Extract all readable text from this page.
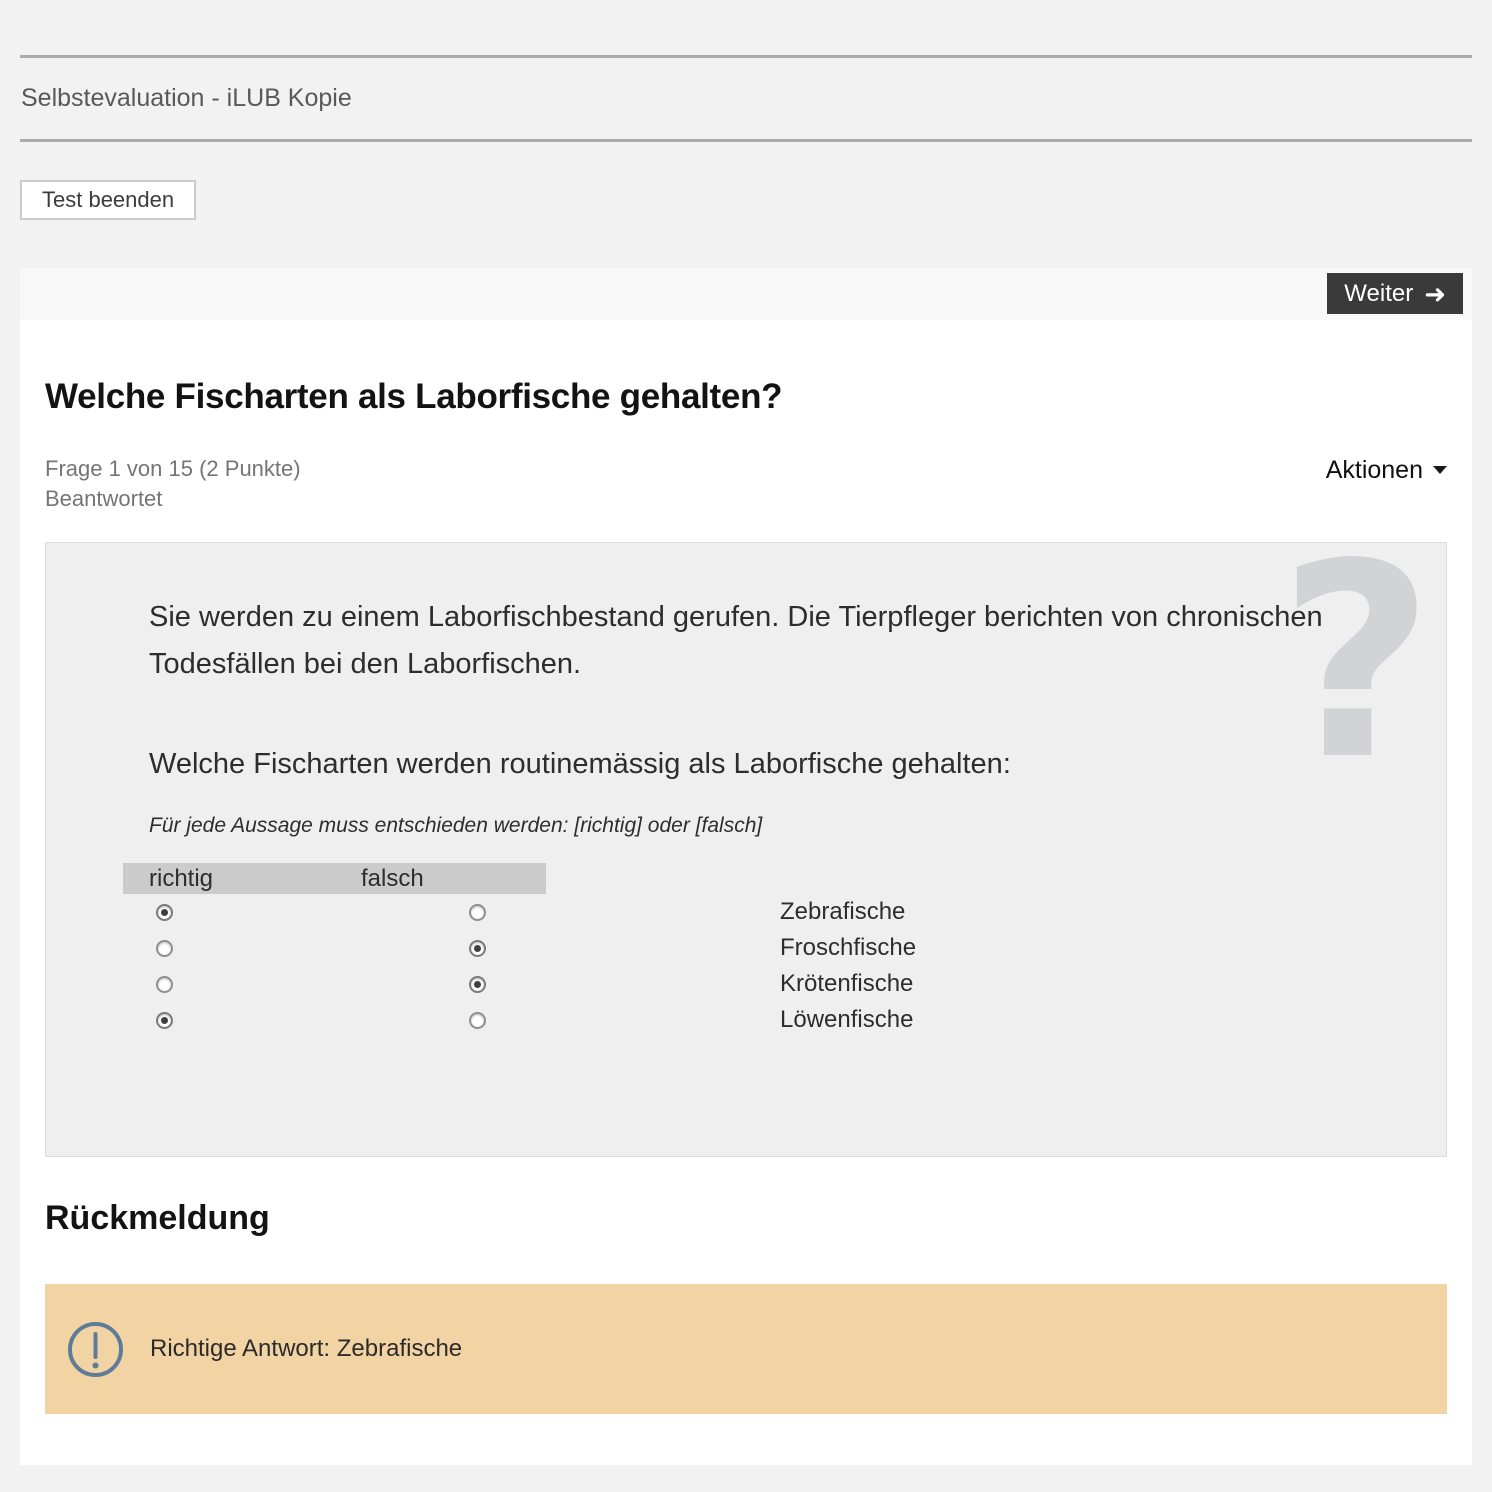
Selbstevaluation - iLUB Kopie
Test beenden
Weiter ➜
Welche Fischarten als Laborfische gehalten?
Frage 1 von 15 (2 Punkte)
Beantwortet
Aktionen
?

Sie werden zu einem Laborfischbestand gerufen. Die Tierpfleger berichten von chronischen Todesfällen bei den Laborfischen.

Welche Fischarten werden routinemässig als Laborfische gehalten:

Für jede Aussage muss entschieden werden: [richtig] oder [falsch]

richtig	falsch
Zebrafische
Froschfische
Krötenfische
Löwenfische
Rückmeldung
Richtige Antwort: Zebrafische
